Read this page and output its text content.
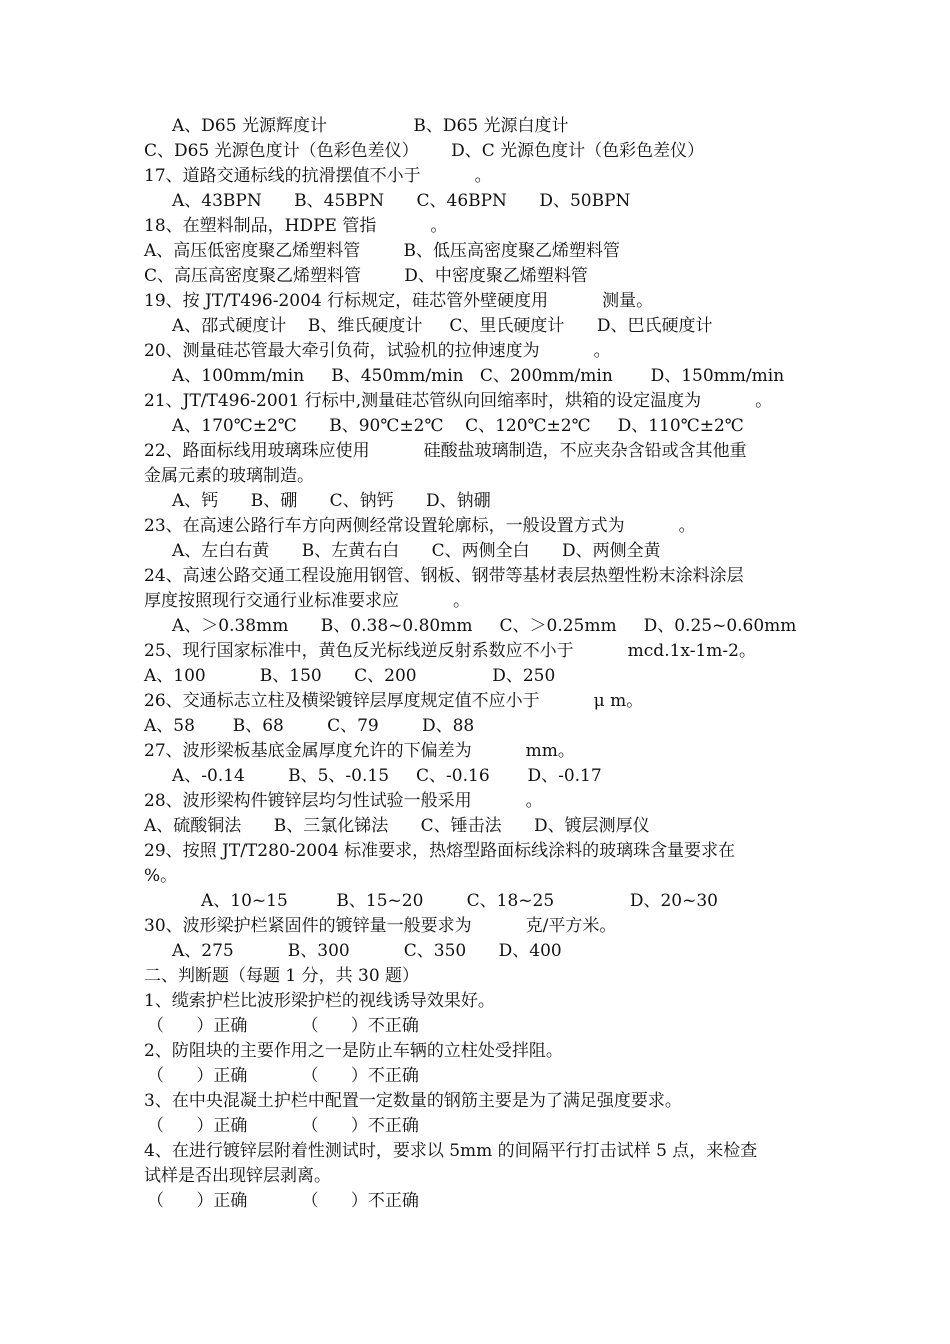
A、D65 光源辉度计                B、D65 光源白度计
C、D65 光源色度计（色彩色差仪）      D、C 光源色度计（色彩色差仪）
17、道路交通标线的抗滑摆值不小于          。
A、43BPN      B、45BPN      C、46BPN      D、50BPN
18、在塑料制品，HDPE 管指          。
A、高压低密度聚乙烯塑料管        B、低压高密度聚乙烯塑料管
C、高压高密度聚乙烯塑料管        D、中密度聚乙烯塑料管
19、按 JT/T496-2004 行标规定，硅芯管外壁硬度用          测量。
A、邵式硬度计    B、维氏硬度计     C、里氏硬度计      D、巴氏硬度计
20、测量硅芯管最大牵引负荷，试验机的拉伸速度为          。
A、100mm/min     B、450mm/min   C、200mm/min       D、150mm/min
21、JT/T496-2001 行标中,测量硅芯管纵向回缩率时，烘箱的设定温度为          。
A、170℃±2℃      B、90℃±2℃    C、120℃±2℃     D、110℃±2℃
22、路面标线用玻璃珠应使用          硅酸盐玻璃制造，不应夹杂含铅或含其他重
金属元素的玻璃制造。
A、钙      B、硼      C、钠钙      D、钠硼
23、在高速公路行车方向两侧经常设置轮廓标，一般设置方式为          。
A、左白右黄      B、左黄右白      C、两侧全白      D、两侧全黄
24、高速公路交通工程设施用钢管、钢板、钢带等基材表层热塑性粉末涂料涂层
厚度按照现行交通行业标准要求应          。
A、＞0.38mm      B、0.38~0.80mm     C、＞0.25mm     D、0.25~0.60mm
25、现行国家标准中，黄色反光标线逆反射系数应不小于          mcd.1x-1m-2。
A、100          B、150      C、200              D、250
26、交通标志立柱及横梁镀锌层厚度规定值不应小于          μ m。
A、58       B、68        C、79        D、88
27、波形梁板基底金属厚度允许的下偏差为          mm。
A、-0.14        B、5、-0.15     C、-0.16       D、-0.17
28、波形梁构件镀锌层均匀性试验一般采用          。
A、硫酸铜法      B、三氯化锑法      C、锤击法      D、镀层测厚仪
29、按照 JT/T280-2004 标准要求，热熔型路面标线涂料的玻璃珠含量要求在
%。
A、10~15         B、15~20        C、18~25              D、20~30
30、波形梁护栏紧固件的镀锌量一般要求为          克/平方米。
A、275          B、300          C、350      D、400
二、判断题（每题 1 分，共 30 题）
1、缆索护栏比波形梁护栏的视线诱导效果好。
（      ）正确          （      ）不正确
2、防阻块的主要作用之一是防止车辆的立柱处受拌阻。
（      ）正确          （      ）不正确
3、在中央混凝土护栏中配置一定数量的钢筋主要是为了满足强度要求。
（      ）正确          （      ）不正确
4、在进行镀锌层附着性测试时，要求以 5mm 的间隔平行打击试样 5 点，来检查
试样是否出现锌层剥离。
（      ）正确          （      ）不正确
